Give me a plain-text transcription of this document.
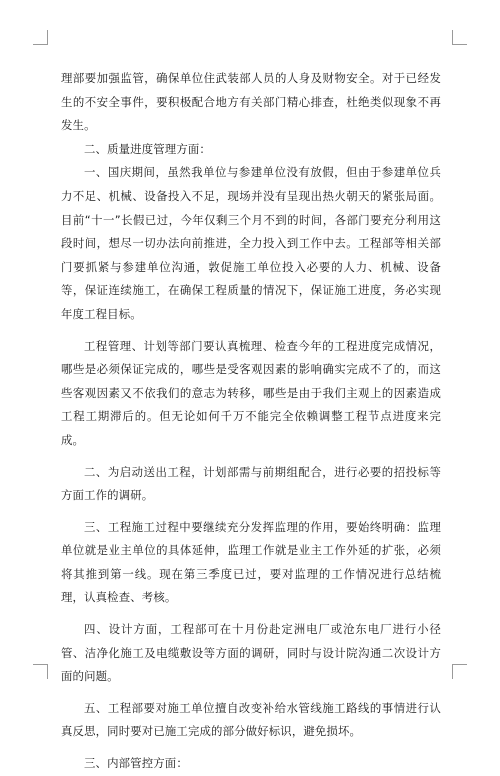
理部要加强监管，确保单位住武装部人员的人身及财物安全。对于已经发生的不安全事件，要积极配合地方有关部门精心排查，杜绝类似现象不再发生。

二、质量进度管理方面：

一、国庆期间，虽然我单位与参建单位没有放假，但由于参建单位兵力不足、机械、设备投入不足，现场并没有呈现出热火朝天的紧张局面。目前“十一”长假已过，今年仅剩三个月不到的时间，各部门要充分利用这段时间，想尽一切办法向前推进，全力投入到工作中去。工程部等相关部门要抓紧与参建单位沟通，敦促施工单位投入必要的人力、机械、设备等，保证连续施工，在确保工程质量的情况下，保证施工进度，务必实现年度工程目标。

工程管理、计划等部门要认真梳理、检查今年的工程进度完成情况，哪些是必须保证完成的，哪些是受客观因素的影响确实完成不了的，而这些客观因素又不依我们的意志为转移，哪些是由于我们主观上的因素造成工程工期滞后的。但无论如何千万不能完全依赖调整工程节点进度来完成。

二、为启动送出工程，计划部需与前期组配合，进行必要的招投标等方面工作的调研。

三、工程施工过程中要继续充分发挥监理的作用，要始终明确：监理单位就是业主单位的具体延伸，监理工作就是业主工作外延的扩张，必须将其推到第一线。现在第三季度已过，要对监理的工作情况进行总结梳理，认真检查、考核。

四、设计方面，工程部可在十月份赴定洲电厂或沧东电厂进行小径管、洁净化施工及电缆敷设等方面的调研，同时与设计院沟通二次设计方面的问题。

五、工程部要对施工单位擅自改变补给水管线施工路线的事情进行认真反思，同时要对已施工完成的部分做好标识，避免损坏。

三、内部管控方面：
